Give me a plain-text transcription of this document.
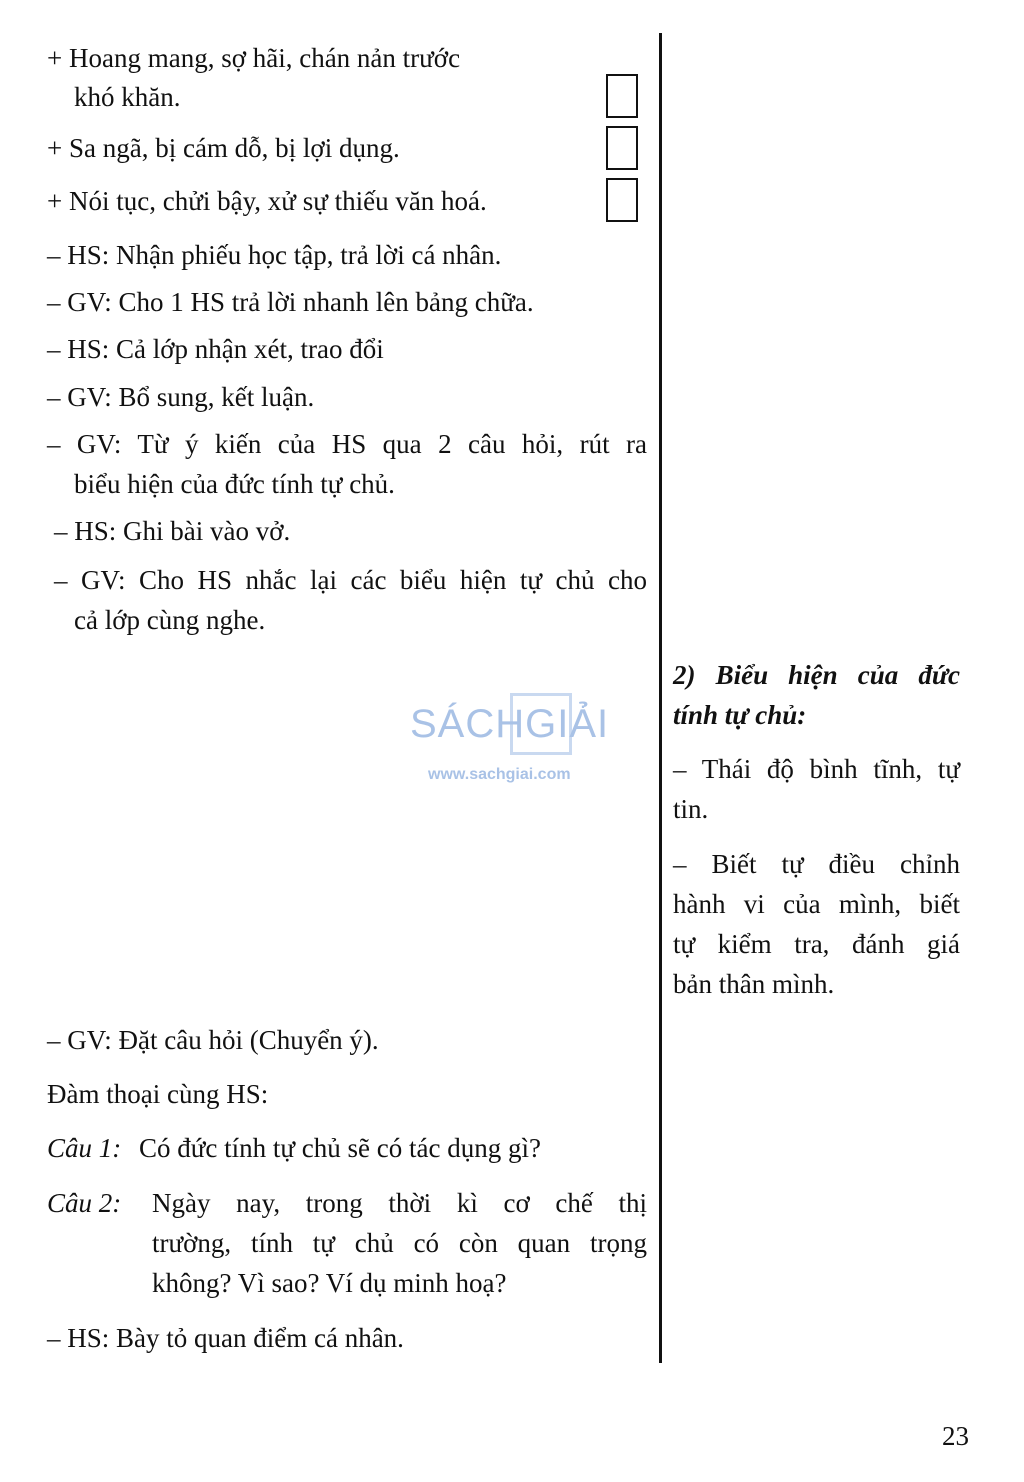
+ Hoang mang, sợ hãi, chán nản trước
khó khăn.
+ Sa ngã, bị cám dỗ, bị lợi dụng.
+ Nói tục, chửi bậy, xử sự thiếu văn hoá.
– HS: Nhận phiếu học tập, trả lời cá nhân.
– GV: Cho 1 HS trả lời nhanh lên bảng chữa.
– HS: Cả lớp nhận xét, trao đổi
– GV: Bổ sung, kết luận.
– GV: Từ ý kiến của HS qua 2 câu hỏi, rút ra
biểu hiện của đức tính tự chủ.
– HS: Ghi bài vào vở.
– GV: Cho HS nhắc lại các biểu hiện tự chủ cho
cả lớp cùng nghe.
SÁCHGIẢI
www.sachgiai.com
– GV: Đặt câu hỏi (Chuyển ý).
Đàm thoại cùng HS:
Câu 1: Có đức tính tự chủ sẽ có tác dụng gì?
Câu 2: Ngày nay, trong thời kì cơ chế thị
trường, tính tự chủ có còn quan trọng
không? Vì sao? Ví dụ minh hoạ?
– HS: Bày tỏ quan điểm cá nhân.
2) Biểu hiện của đức
tính tự chủ:
– Thái độ bình tĩnh, tự
tin.
– Biết tự điều chỉnh
hành vi của mình, biết
tự kiểm tra, đánh giá
bản thân mình.
23
